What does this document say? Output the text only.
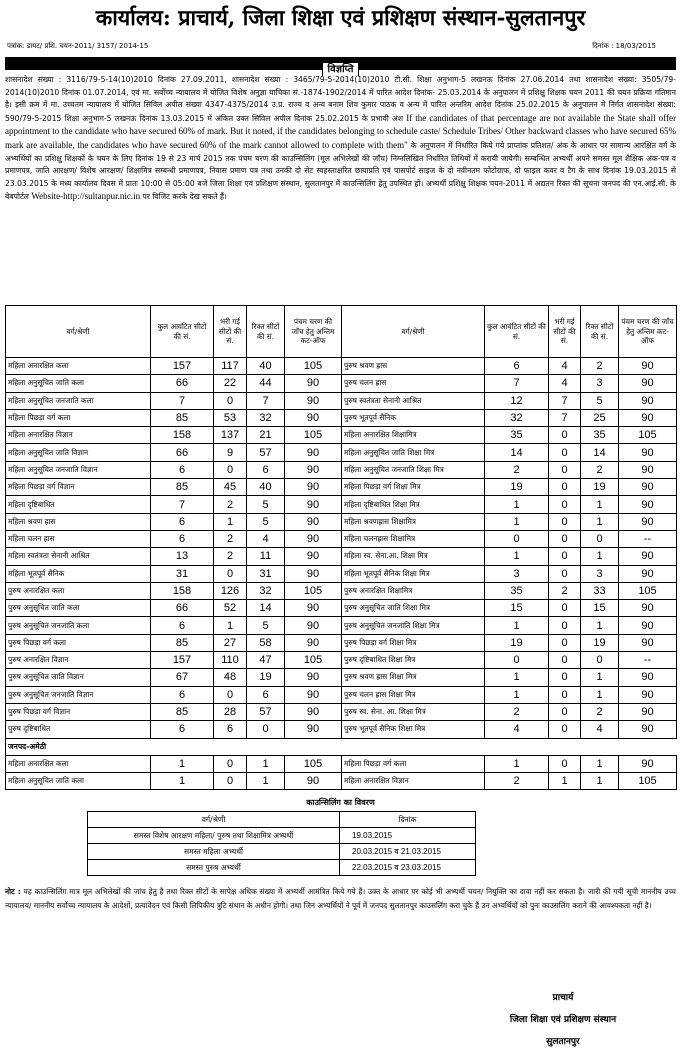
कार्यालय: प्राचार्य, जिला शिक्षा एवं प्रशिक्षण संस्थान-सुलतानपुर
पत्रांक: डायट/ प्रशि. चयन-2011/ 3157/ 2014-15	दिनांक : 18/03/2015
विज्ञप्ति
शासनादेश संख्या : 3116/79-5-14(10)2010 दिनांक 27.09.2011, शासनादेश संख्या : 3465/79-5-2014(10)2010 टी.सी. शिक्षा अनुभाग-5 लखनऊ दिनांक 27.06.2014 तथा शासनादेश संख्या: 3505/79-2014(10)2010 दिनांक 01.07.2014, एवं मा. सर्वोच्च न्यायालय में योजित विशेष अनुज्ञा याचिका सं.-1874-1902/2014 में पारित आदेश दिनांक- 25.03.2014 के अनुपालन में प्रशिक्षु शिक्षक चयन 2011 की चयन प्रक्रिया गतिमान है। इसी क्रम में मा. उच्चतम न्यायालय में योजित सिविल अपील संख्या 4347-4375/2014 उ.प्र. राज्य व अन्य बनाम शिव कुमार पाठक व अन्य में पारित अन्तरिम आदेश दिनांक 25.02.2015 के अनुपालन में निर्गत शासनादेश संख्या: 590/79-5-2015 शिक्षा अनुभाग-5 लखनऊ दिनांक 13.03.2015 में अंकित उक्त सिविल अपील दिनांक 25.02.2015 के प्रभावी अंश If the candidates of that percentage are not available the State shall offer appointment to the candidate who have secured 60% of mark. But it noted, if the candidates belonging to schedule caste/ Schedule Tribes/ Other backward classes who have secured 65% mark are available, the candidates who have secured 60% of the mark cannot allowed to complete with them" के अनुपालन में निर्धारित किये गये प्राप्तांक प्रतिशत/ अंक के आधार पर सामान्य आरक्षित वर्ग के अभ्यर्थियों का प्रशिक्षु शिक्षकों के चयन के लिए दिनांक 19 से 23 मार्च 2015 तक पंचम चरण की काउन्सिलिंग (मूल अभिलेखों की जाँच) निम्नलिखित निर्धारित तिथियों में करायी जायेगी। सम्बन्धित अभ्यर्थी अपने समस्त मूल शैक्षिक अंक-पत्र व प्रमाणपत्र, जाति आरक्षण/ विशेष आरक्षण/ शिक्षामित्र सम्बन्धी प्रमाणपत्र, निवास प्रमाण पत्र तथा उनकी दो सेट स्वहस्ताक्षरित छायाप्रति एवं पासपोर्ट साइज के दो नवीनतम फोटोग्राफ, दो फाइल कवर व टैग के साथ दिनांक 19.03.2015 से 23.03.2015 के मध्य कार्यालय दिवस में प्रातः 10:00 से 05:00 बजे जिला शिक्षा एवं प्रशिक्षण संस्थान, सुलतानपुर में काउन्सिलिंग हेतु उपस्थित हों। अभ्यर्थी प्रशिक्षु शिक्षक चयन-2011 में अद्यतन रिक्त की सूचना जनपद की एन.आई.सी. के बेबपोर्टल Website-http://sultanpur.nic.in पर विजिट करके देख सकते हैं।
वर्ग/श्रेणी	कुल आवंटित सीटों की सं.	भरी गई सीटों की सं.	रिक्त सीटों की सं.	पंचम चरण की जाँच हेतु अन्तिम कट-ऑफ	वर्ग/श्रेणी	कुल आवंटित सीटों की सं.	भरी गई सीटों की सं.	रिक्त सीटों की सं.	पंचम चरण की जाँच हेतु अन्तिम कट-ऑफ
महिला अनारक्षित कला	157	117	40	105	पुरुष श्रवण ह्रास	6	4	2	90
महिला अनुसूचित जाति कला	66	22	44	90	पुरुष चलन ह्रास	7	4	3	90
महिला अनुसूचित जनजाति कला	7	0	7	90	पुरुष स्वतंत्रता सेनानी आश्रित	12	7	5	90
महिला पिछड़ा वर्ग कला	85	53	32	90	पुरुष भूतपूर्व सैनिक	32	7	25	90
महिला अनारक्षित विज्ञान	158	137	21	105	महिला अनारक्षित शिक्षामित्र	35	0	35	105
महिला अनुसूचित जाति विज्ञान	66	9	57	90	महिला अनुसूचित जाति शिक्षा मित्र	14	0	14	90
महिला अनुसूचित जनजाति विज्ञान	6	0	6	90	महिला अनुसूचित जनजाति शिक्षा मित्र	2	0	2	90
महिला पिछड़ा वर्ग विज्ञान	85	45	40	90	महिला पिछड़ा वर्ग शिक्षा मित्र	19	0	19	90
महिला दृष्टिबाधित	7	2	5	90	महिला दृष्टिबाधित शिक्षा मित्र	1	0	1	90
महिला श्रवण ह्रास	6	1	5	90	महिला श्रवणह्रास शिक्षामित्र	1	0	1	90
महिला चलन ह्रास	6	2	4	90	महिला चलनह्रास शिक्षामित्र	0	0	0	--
महिला स्वतंत्रता सेनानी आश्रित	13	2	11	90	महिला स्व. सेना.आ. शिक्षा मित्र	1	0	1	90
महिला भूतपूर्व सैनिक	31	0	31	90	महिला भूतपूर्व सैनिक शिक्षा मित्र	3	0	3	90
पुरुष अनारक्षित कला	158	126	32	105	पुरुष अनारक्षित शिक्षामित्र	35	2	33	105
पुरुष अनुसूचित जाति कला	66	52	14	90	पुरुष अनुसूचित जाति शिक्षा मित्र	15	0	15	90
पुरुष अनुसूचित जनजाति कला	6	1	5	90	पुरुष अनुसूचित जनजाति शिक्षा मित्र	1	0	1	90
पुरुष पिछड़ा वर्ग कला	85	27	58	90	पुरुष पिछड़ा वर्ग शिक्षा मित्र	19	0	19	90
पुरुष अनारक्षित विज्ञान	157	110	47	105	पुरुष दृष्टिबाधित शिक्षा मित्र	0	0	0	--
पुरुष अनुसूचित जाति विज्ञान	67	48	19	90	पुरुष श्रवण ह्रास शिक्षा मित्र	1	0	1	90
पुरुष अनुसूचित जनजाति विज्ञान	6	0	6	90	पुरुष चलन ह्रास शिक्षा मित्र	1	0	1	90
पुरुष पिछड़ा वर्ग विज्ञान	85	28	57	90	पुरुष स्व. सेना. आ. शिक्षा मित्र	2	0	2	90
पुरुष दृष्टिबाधित	6	6	0	90	पुरुष भूतपूर्व सैनिक शिक्षा मित्र	4	0	4	90
जनपद-अमेठी									
महिला अनारक्षित कला	1	0	1	105	महिला पिछड़ा वर्ग कला	1	0	1	90
महिला अनुसूचित जाति कला	1	0	1	90	महिला अनारक्षित विज्ञान	2	1	1	105
काउन्सिलिंग का विवरण
वर्ग/श्रेणी	दिनांक
समस्त विशेष आरक्षण महिला/ पुरुष तथा शिक्षामित्र अभ्यर्थी	19.03.2015
समस्त महिला अभ्यर्थी	20.03.2015 व 21.03.2015
समस्त पुरुष अभ्यर्थी	22.03.2015 व 23.03.2015
नोट : यह काउन्सिलिंग मात्र मूल अभिलेखों की जांच हेतु है तथा रिक्त सीटों के सापेक्ष अधिक संख्या में अभ्यर्थी आमंत्रित किये गये हैं। उक्त के आधार पर कोई भी अभ्यर्थी चयन/ नियुक्ति का दावा नहीं कर सकता है। जारी की गयी सूची माननीय उच्च न्यायालय/ माननीय सर्वोच्च न्यायालय के आदेशों, प्रत्यावेदन एवं किसी लिपिकीय त्रुटि संधान के अधीन होगी। तथा जिन अभ्यर्थियों ने पूर्व में जनपद सुलतानपुर काउसलिंग करा चुके हैं उन अभ्यर्थियों को पुनः काउसलिंग कराने की आवश्यकता नहीं है।
प्राचार्य
जिला शिक्षा एवं प्रशिक्षण संस्थान
सुलतानपुर
